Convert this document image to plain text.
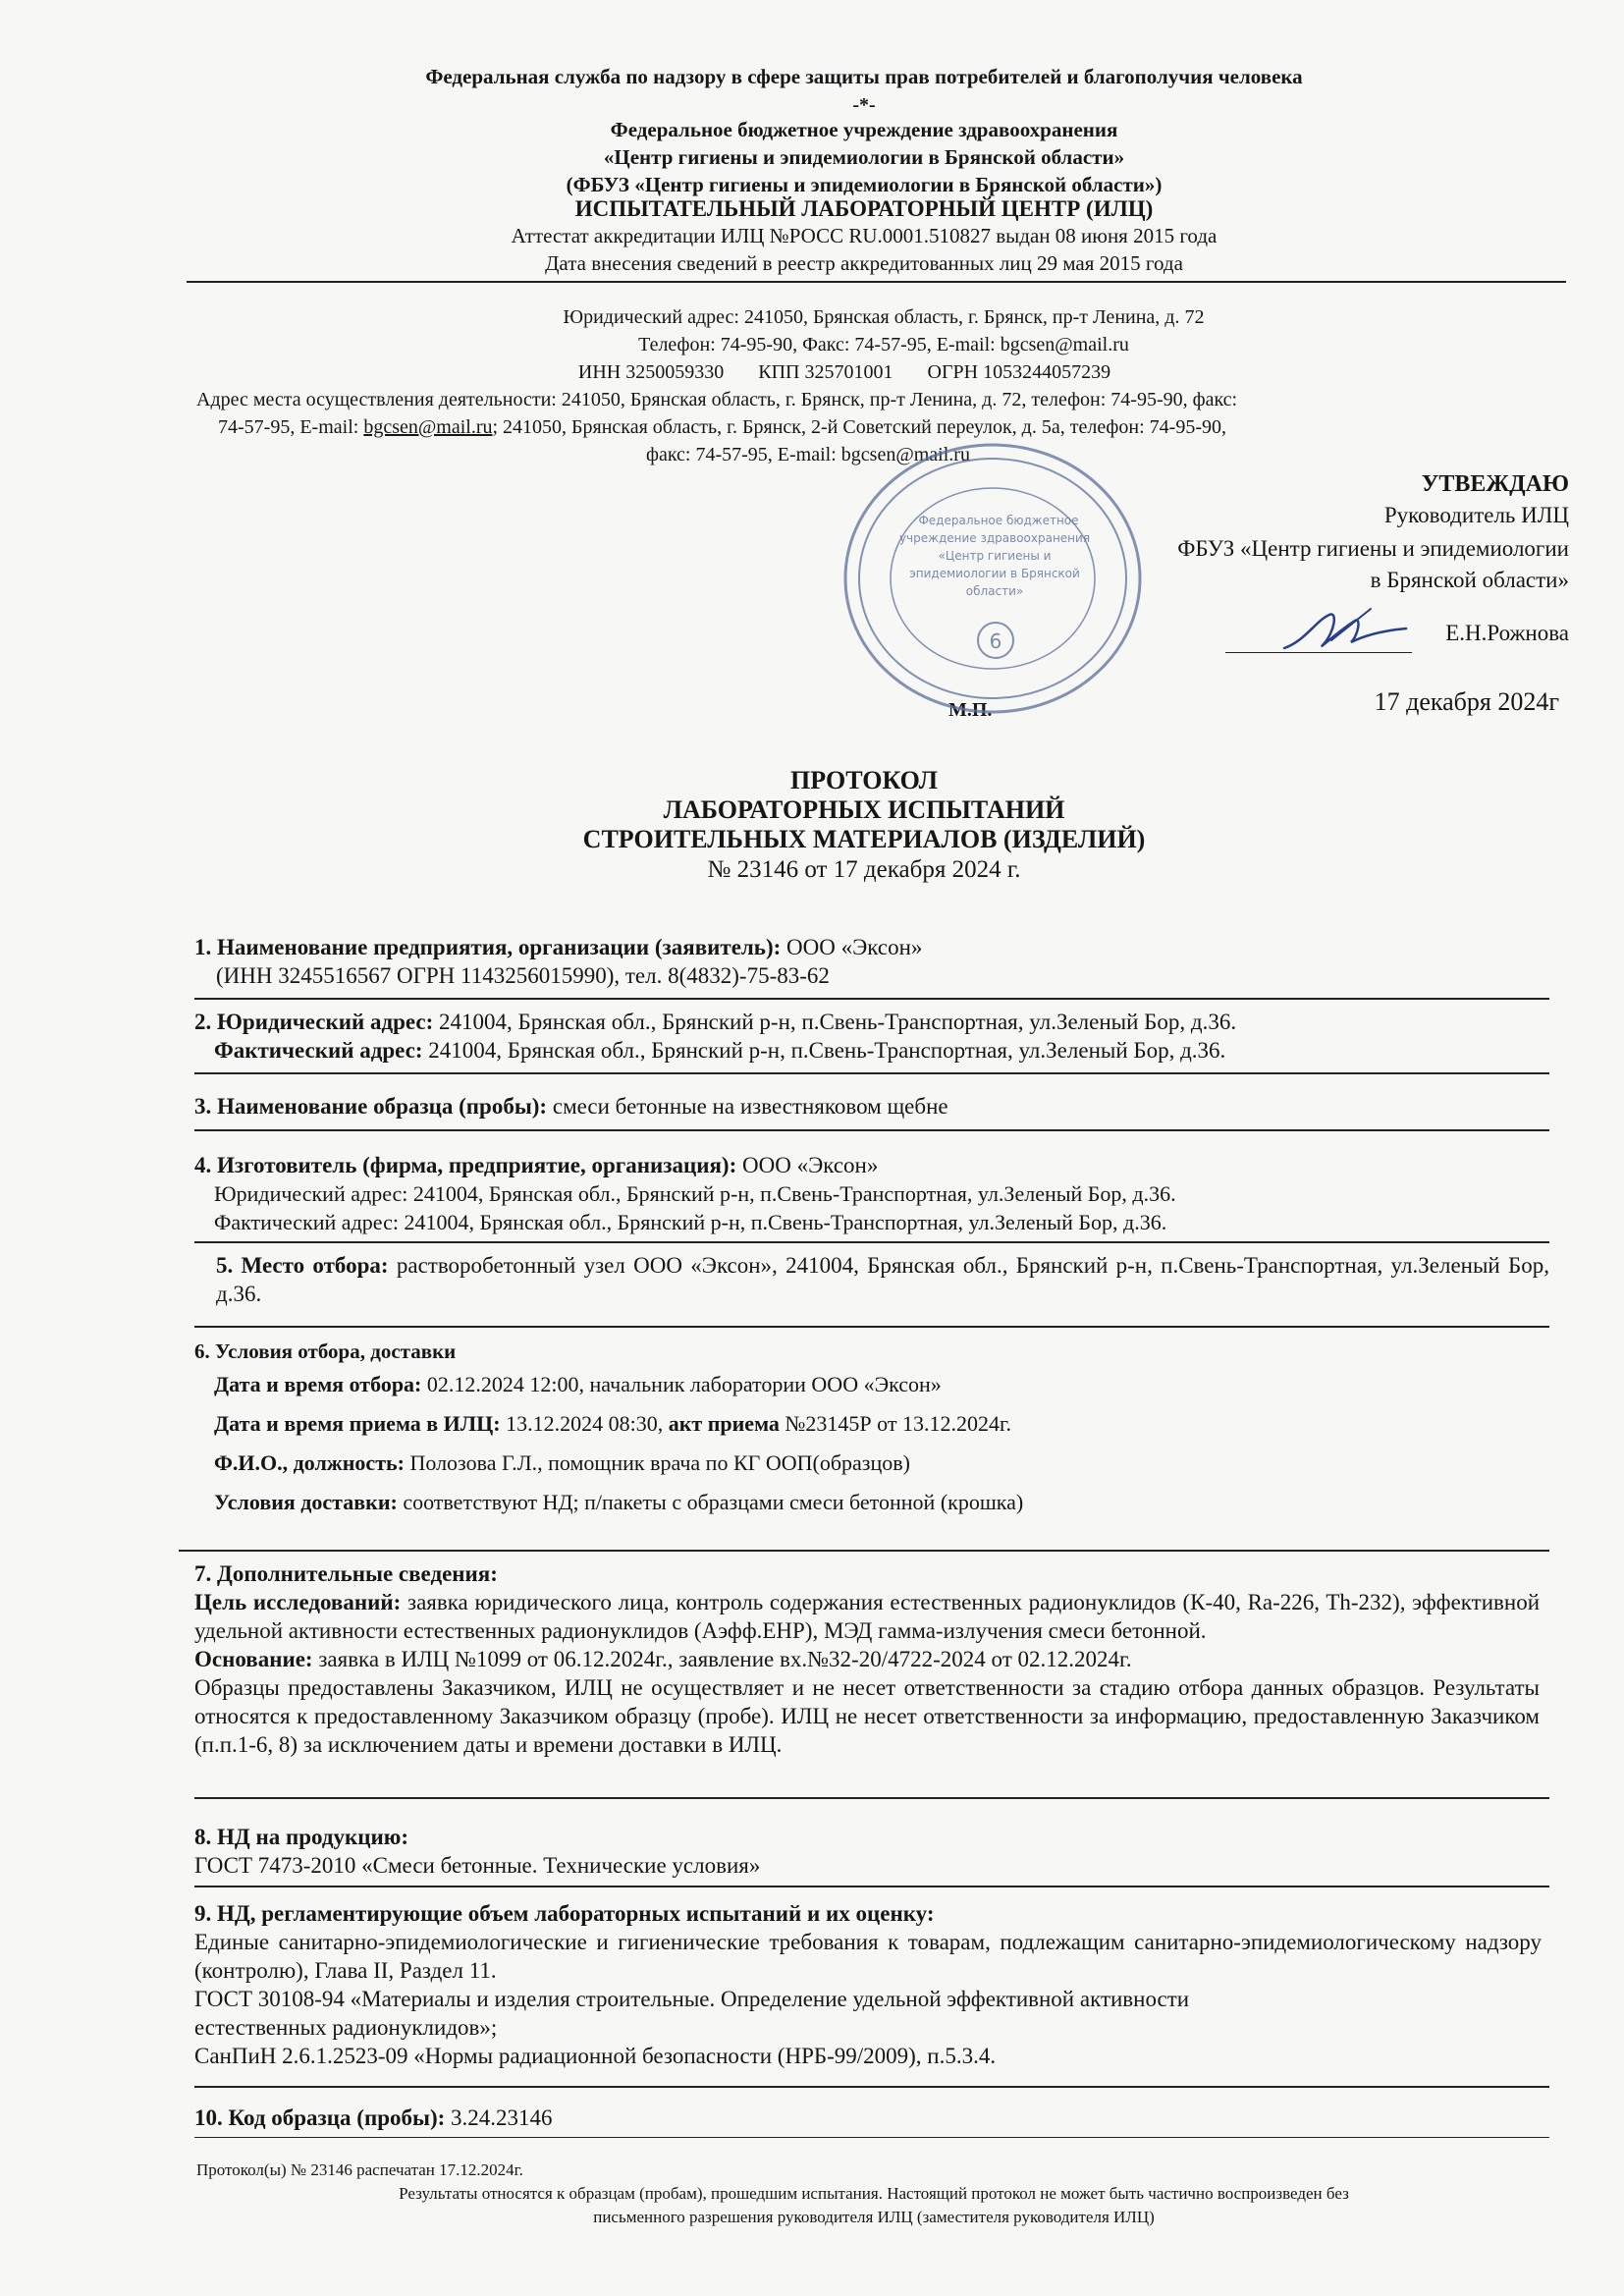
Федеральная служба по надзору в сфере защиты прав потребителей и благополучия человека
-*-
Федеральное бюджетное учреждение здравоохранения
«Центр гигиены и эпидемиологии в Брянской области»
(ФБУЗ «Центр гигиены и эпидемиологии в Брянской области»)
ИСПЫТАТЕЛЬНЫЙ ЛАБОРАТОРНЫЙ ЦЕНТР (ИЛЦ)
Аттестат аккредитации ИЛЦ №РОСС RU.0001.510827 выдан 08 июня 2015 года
Дата внесения сведений в реестр аккредитованных лиц 29 мая 2015 года
Юридический адрес: 241050, Брянская область, г. Брянск, пр-т Ленина, д. 72
Телефон: 74-95-90, Факс: 74-57-95, E-mail: bgcsen@mail.ru
ИНН 3250059330 КПП 325701001 ОГРН 1053244057239
Адрес места осуществления деятельности: 241050, Брянская область, г. Брянск, пр-т Ленина, д. 72, телефон: 74-95-90, факс:
74-57-95, E-mail: bgcsen@mail.ru; 241050, Брянская область, г. Брянск, 2-й Советский переулок, д. 5а, телефон: 74-95-90,
факс: 74-57-95, E-mail: bgcsen@mail.ru
УТВЕЖДАЮ
Руководитель ИЛЦ
ФБУЗ «Центр гигиены и эпидемиологии
в Брянской области»
Е.Н.Рожнова
М.П.	17 декабря 2024г
Федеральное бюджетное
учреждение здравоохранения
«Центр гигиены и
эпидемиологии в Брянской
области»
6
ПРОТОКОЛ
ЛАБОРАТОРНЫХ ИСПЫТАНИЙ
СТРОИТЕЛЬНЫХ МАТЕРИАЛОВ (ИЗДЕЛИЙ)
№ 23146 от 17 декабря 2024 г.

1. Наименование предприятия, организации (заявитель): ООО «Эксон»

(ИНН 3245516567 ОГРН 1143256015990), тел. 8(4832)-75-83-62

2. Юридический адрес: 241004, Брянская обл., Брянский р-н, п.Свень-Транспортная, ул.Зеленый Бор, д.36.

Фактический адрес: 241004, Брянская обл., Брянский р-н, п.Свень-Транспортная, ул.Зеленый Бор, д.36.

3. Наименование образца (пробы): смеси бетонные на известняковом щебне

4. Изготовитель (фирма, предприятие, организация): ООО «Эксон»

Юридический адрес: 241004, Брянская обл., Брянский р-н, п.Свень-Транспортная, ул.Зеленый Бор, д.36.

Фактический адрес: 241004, Брянская обл., Брянский р-н, п.Свень-Транспортная, ул.Зеленый Бор, д.36.

5. Место отбора: растворобетонный узел ООО «Эксон», 241004, Брянская обл., Брянский р-н, п.Свень-Транспортная, ул.Зеленый Бор, д.36.

6. Условия отбора, доставки

Дата и время отбора: 02.12.2024 12:00, начальник лаборатории ООО «Эксон»

Дата и время приема в ИЛЦ: 13.12.2024 08:30, акт приема №23145Р от 13.12.2024г.

Ф.И.О., должность: Полозова Г.Л., помощник врача по КГ ООП(образцов)

Условия доставки: соответствуют НД; п/пакеты с образцами смеси бетонной (крошка)

7. Дополнительные сведения:

Цель исследований: заявка юридического лица, контроль содержания естественных радионуклидов (К-40, Ra-226, Th-232), эффективной удельной активности естественных радионуклидов (Аэфф.ЕНР), МЭД гамма-излучения смеси бетонной.

Основание: заявка в ИЛЦ №1099 от 06.12.2024г., заявление вх.№32-20/4722-2024 от 02.12.2024г.

Образцы предоставлены Заказчиком, ИЛЦ не осуществляет и не несет ответственности за стадию отбора данных образцов. Результаты относятся к предоставленному Заказчиком образцу (пробе). ИЛЦ не несет ответственности за информацию, предоставленную Заказчиком (п.п.1-6, 8) за исключением даты и времени доставки в ИЛЦ.

8. НД на продукцию:

ГОСТ 7473-2010 «Смеси бетонные. Технические условия»

9. НД, регламентирующие объем лабораторных испытаний и их оценку:

Единые санитарно-эпидемиологические и гигиенические требования к товарам, подлежащим санитарно-эпидемиологическому надзору (контролю), Глава II, Раздел 11.

ГОСТ 30108-94 «Материалы и изделия строительные. Определение удельной эффективной активности

естественных радионуклидов»;

СанПиН 2.6.1.2523-09 «Нормы радиационной безопасности (НРБ-99/2009), п.5.3.4.

10. Код образца (пробы): 3.24.23146

Протокол(ы) № 23146 распечатан 17.12.2024г.
Результаты относятся к образцам (пробам), прошедшим испытания. Настоящий протокол не может быть частично воспроизведен без
письменного разрешения руководителя ИЛЦ (заместителя руководителя ИЛЦ)
